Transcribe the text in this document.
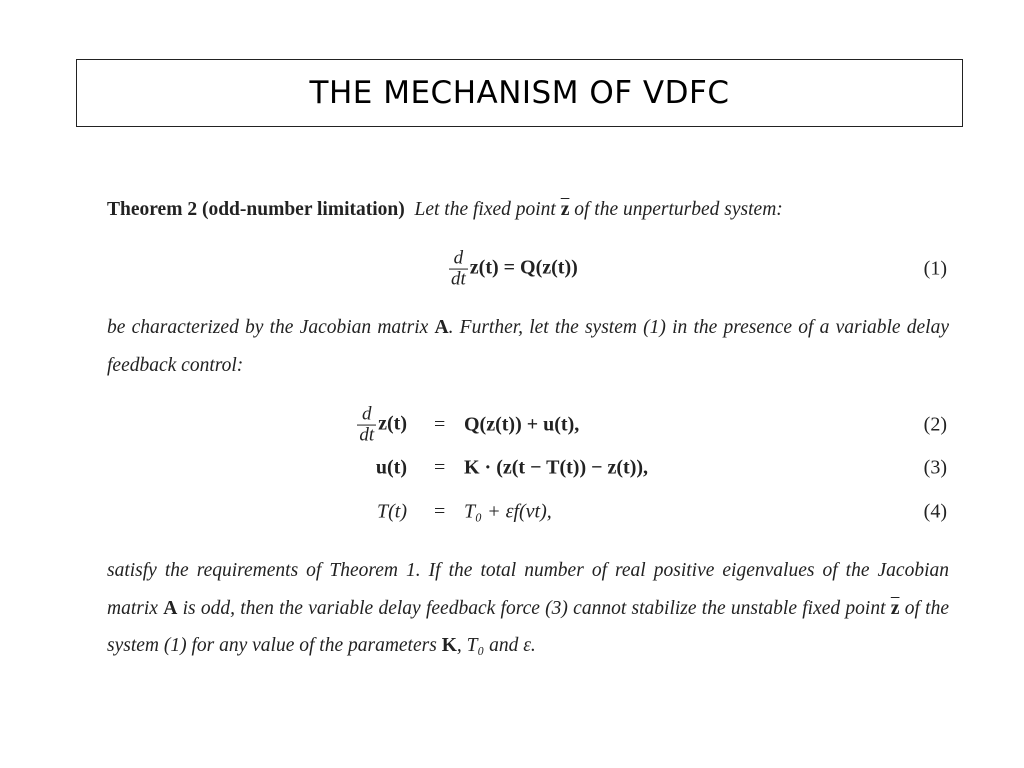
THE MECHANISM OF VDFC
Theorem 2 (odd-number limitation) Let the fixed point $\overline{z}$ of the unperturbed system:
$\frac{d}{dt} z(t) = Q(z(t))$	(1)
be characterized by the Jacobian matrix A. Further, let the system (1) in the presence of a variable delay feedback control:
$\frac{d}{dt} z(t) = Q(z(t)) + u(t)$,	(2)
u(t) = K · (z(t − T(t)) − z(t)),	(3)
T(t) = T₀ + εf(νt),	(4)
satisfy the requirements of Theorem 1. If the total number of real positive eigenvalues of the Jacobian matrix A is odd, then the variable delay feedback force (3) cannot stabilize the unstable fixed point $\overline{z}$ of the system (1) for any value of the parameters K, T₀ and ε.
